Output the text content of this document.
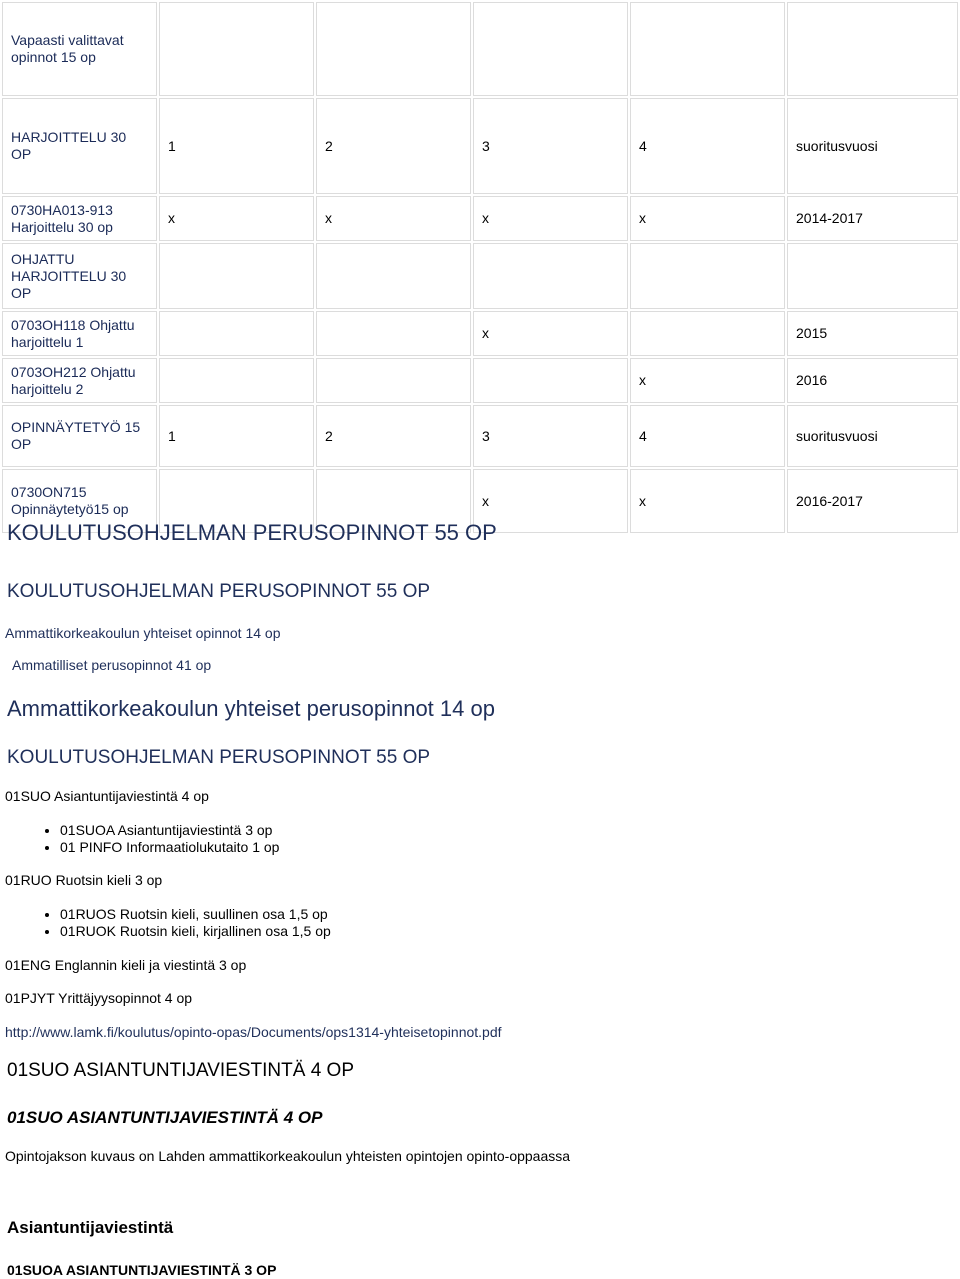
Vapaasti valittavat opinnot 15 op					
HARJOITTELU 30 OP	1	2	3	4	suoritusvuosi
0730HA013-913 Harjoittelu 30 op	x	x	x	x	2014-2017
OHJATTU HARJOITTELU 30 OP					
0703OH118 Ohjattu harjoittelu 1			x		2015
0703OH212 Ohjattu harjoittelu 2				x	2016
OPINNÄYTETYÖ 15 OP	1	2	3	4	suoritusvuosi
0730ON715 Opinnäytetyö15 op			x	x	2016-2017
KOULUTUSOHJELMAN PERUSOPINNOT 55 OP
KOULUTUSOHJELMAN PERUSOPINNOT 55 OP
Ammattikorkeakoulun yhteiset opinnot 14 op
Ammatilliset perusopinnot 41 op
Ammattikorkeakoulun yhteiset perusopinnot 14 op
KOULUTUSOHJELMAN PERUSOPINNOT 55 OP
01SUO Asiantuntijaviestintä 4 op
• 01SUOA Asiantuntijaviestintä 3 op
• 01 PINFO Informaatiolukutaito 1 op
01RUO Ruotsin kieli 3 op
• 01RUOS Ruotsin kieli, suullinen osa 1,5 op
• 01RUOK Ruotsin kieli, kirjallinen osa 1,5 op
01ENG Englannin kieli ja viestintä 3 op
01PJYT Yrittäjyysopinnot 4 op
http://www.lamk.fi/koulutus/opinto-opas/Documents/ops1314-yhteisetopinnot.pdf
01SUO ASIANTUNTIJAVIESTINTÄ 4 OP
01SUO ASIANTUNTIJAVIESTINTÄ 4 OP
Opintojakson kuvaus on Lahden ammattikorkeakoulun yhteisten opintojen opinto-oppaassa
Asiantuntijaviestintä
01SUOA ASIANTUNTIJAVIESTINTÄ 3 OP
